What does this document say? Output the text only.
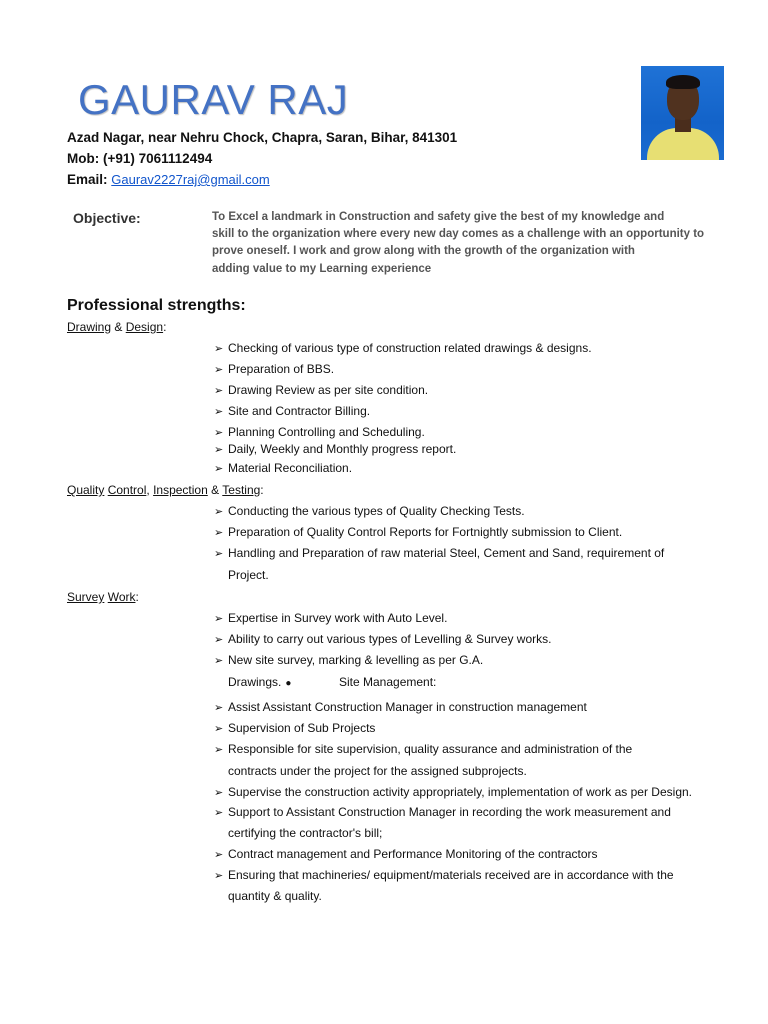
GAURAV RAJ
Azad Nagar, near Nehru Chock, Chapra, Saran, Bihar, 841301
Mob: (+91) 7061112494
Email: Gaurav2227raj@gmail.com
Objective:	To Excel a landmark in Construction and safety give the best of my knowledge and
skill to the organization where every new day comes as a challenge with an opportunity to
prove oneself. I work and grow along with the growth of the organization with
adding value to my Learning experience
Professional strengths:
Drawing & Design:
➢ Checking of various type of construction related drawings & designs.
➢ Preparation of BBS.
➢ Drawing Review as per site condition.
➢ Site and Contractor Billing.
➢ Planning Controlling and Scheduling.
➢ Daily, Weekly and Monthly progress report.
➢ Material Reconciliation.
Quality Control, Inspection & Testing:
➢ Conducting the various types of Quality Checking Tests.
➢ Preparation of Quality Control Reports for Fortnightly submission to Client.
➢ Handling and Preparation of raw material Steel, Cement and Sand, requirement of
Project.
Survey Work:
➢ Expertise in Survey work with Auto Level.
➢ Ability to carry out various types of Levelling & Survey works.
➢ New site survey, marking & levelling as per G.A.
Drawings. ●	Site Management:
➢ Assist Assistant Construction Manager in construction management
➢ Supervision of Sub Projects
➢ Responsible for site supervision, quality assurance and administration of the
contracts under the project for the assigned subprojects.
➢ Supervise the construction activity appropriately, implementation of work as per Design.
➢ Support to Assistant Construction Manager in recording the work measurement and
certifying the contractor's bill;
➢ Contract management and Performance Monitoring of the contractors
➢ Ensuring that machineries/ equipment/materials received are in accordance with the
quantity & quality.
